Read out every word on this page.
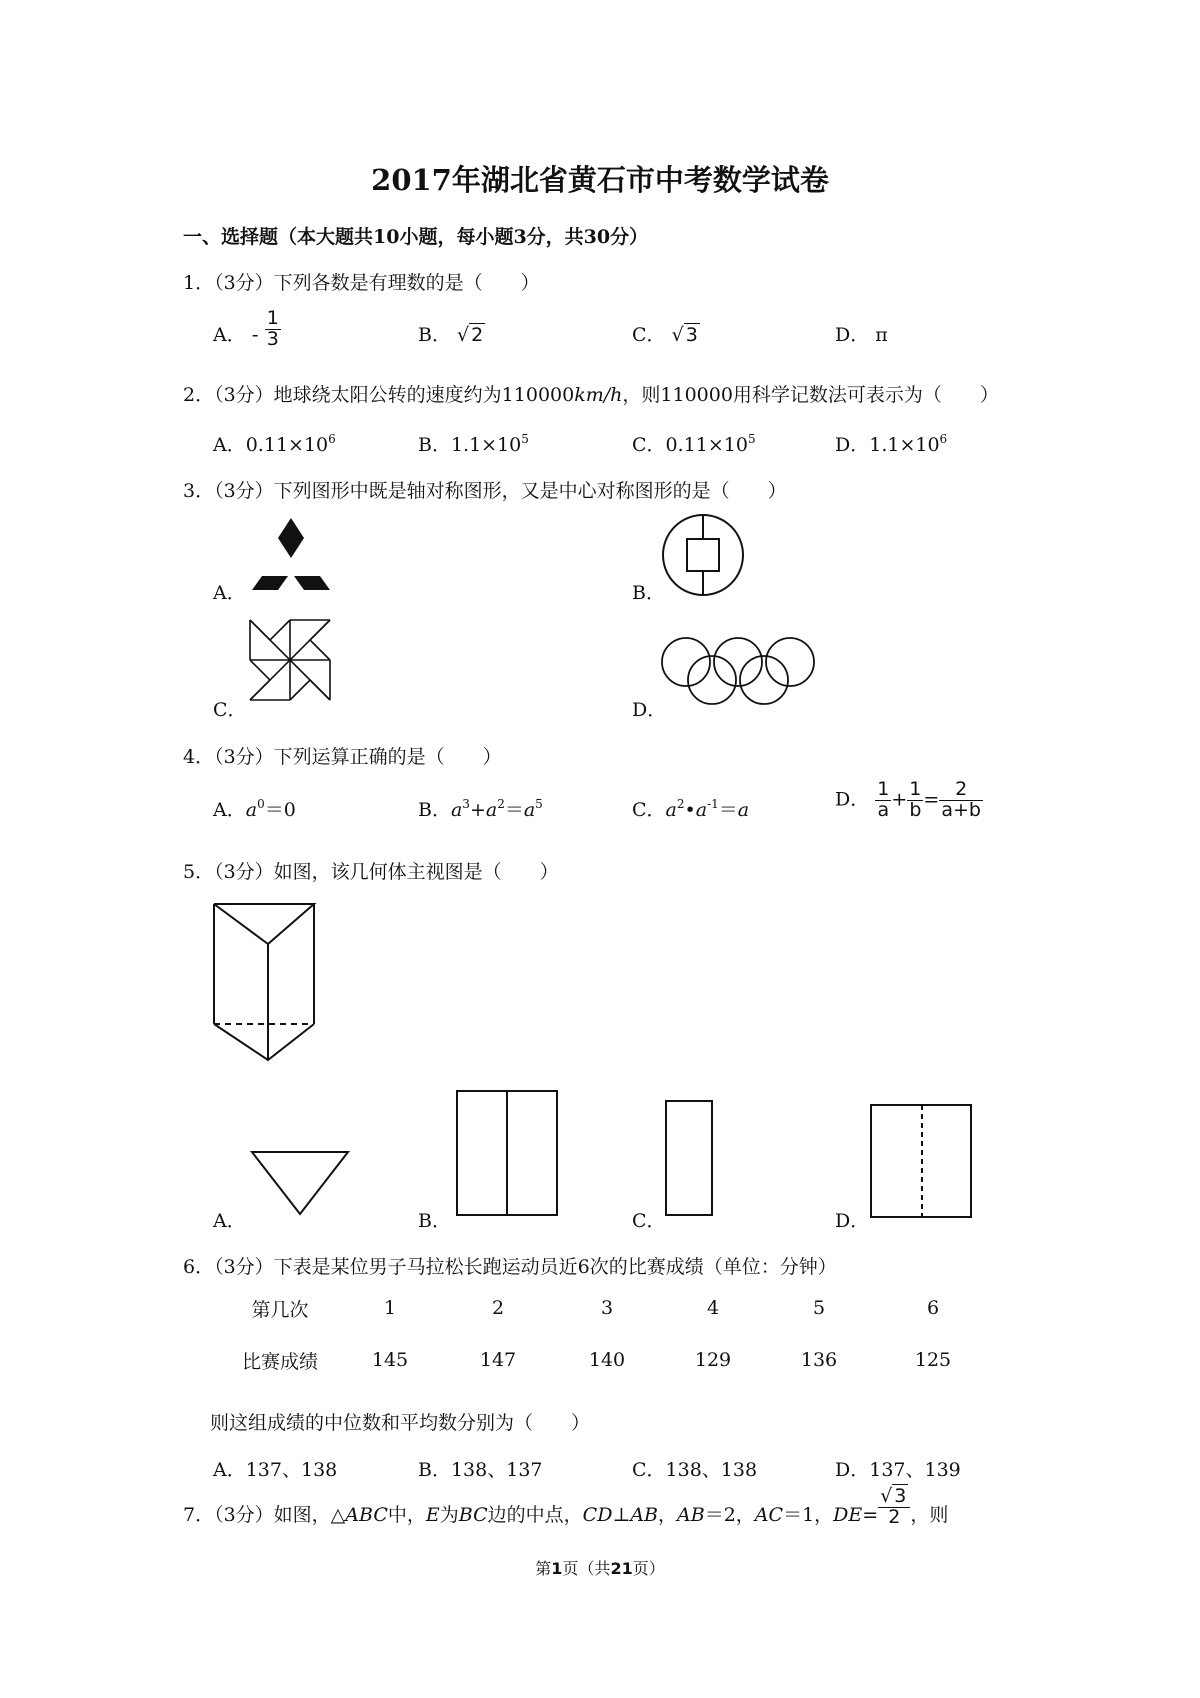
2017年湖北省黄石市中考数学试卷
一、选择题（本大题共10小题，每小题3分，共30分）
1．（3分）下列各数是有理数的是（　　）
A． - $\frac{1}{3}$	B． √ 2	C． √ 3	D． π
2．（3分）地球绕太阳公转的速度约为110000km/h，则110000用科学记数法可表示为（　　）
A．$0.11\times 10^6$	B．$1.1\times 10^5$	C．$0.11\times 10^5$	D．$1.1\times 10^6$
3．（3分）下列图形中既是轴对称图形，又是中心对称图形的是（　　）
A．	B．
C．	D．
4．（3分）下列运算正确的是（　　）
A．$a^0=0$	B．$a^3+a^2=a^5$	C．$a^2•a^{-1}=a$	D． $\frac{1}{a} + \frac{1}{b} = \frac{2}{a+b}$
5．（3分）如图，该几何体主视图是（　　）
A．	B．	C．	D．
6．（3分）下表是某位男子马拉松长跑运动员近6次的比赛成绩（单位：分钟）
第几次	1	2	3	4	5	6
比赛成绩	145	147	140	129	136	125
则这组成绩的中位数和平均数分别为（　　）
A．137、138	B．138、137	C．138、138	D．137、139
7．（3分）如图，△ABC中，E为BC边的中点，CD⊥AB，AB＝2，AC＝1，$DE= \frac{√ 3}{2}$ ，则
第1页（共21页）
